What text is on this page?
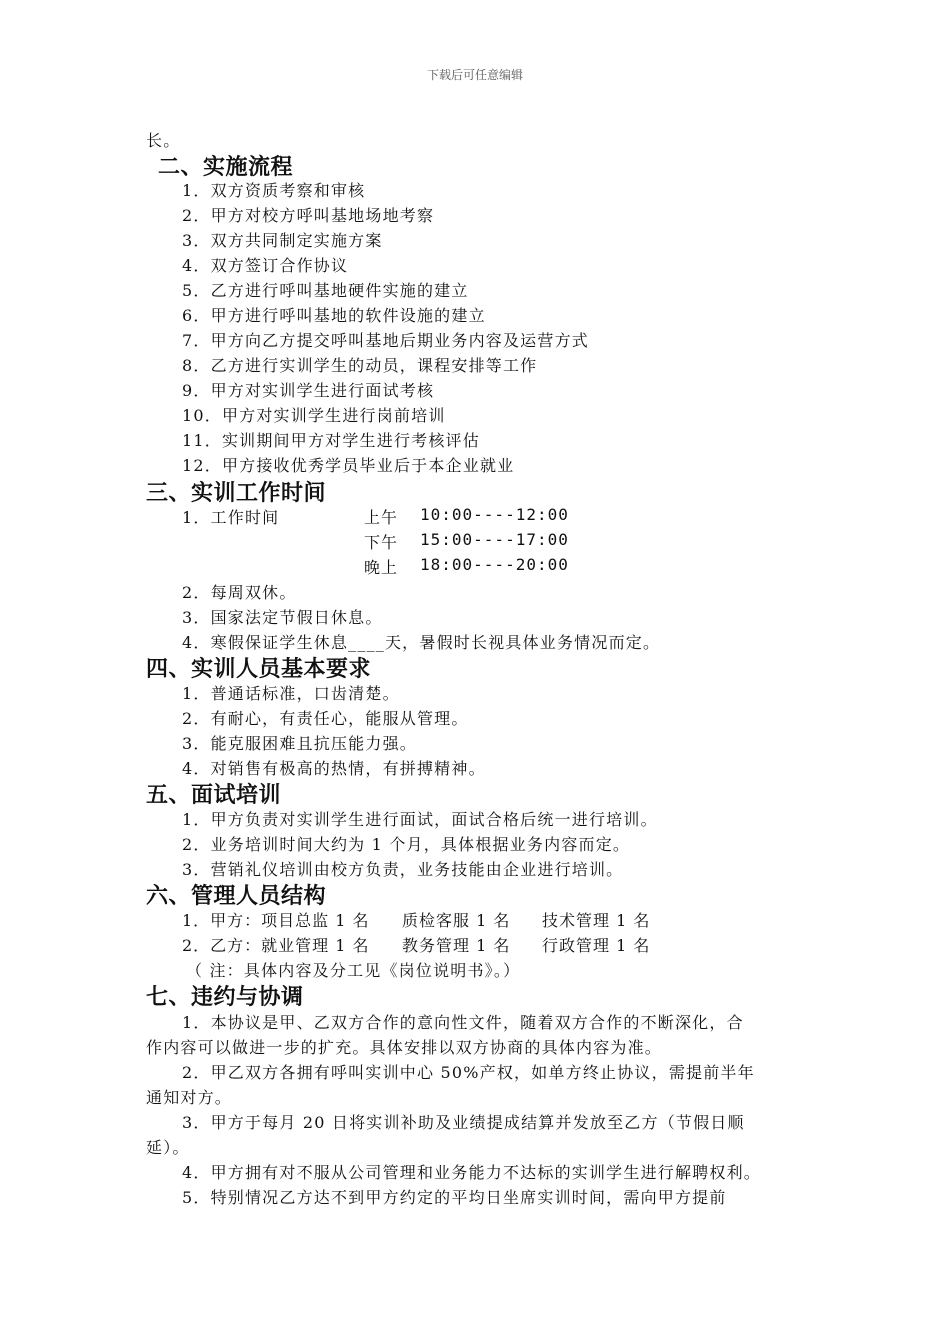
下载后可任意编辑
长。
二、实施流程
1．双方资质考察和审核
2．甲方对校方呼叫基地场地考察
3．双方共同制定实施方案
4．双方签订合作协议
5．乙方进行呼叫基地硬件实施的建立
6．甲方进行呼叫基地的软件设施的建立
7．甲方向乙方提交呼叫基地后期业务内容及运营方式
8．乙方进行实训学生的动员，课程安排等工作
9．甲方对实训学生进行面试考核
10．甲方对实训学生进行岗前培训
11．实训期间甲方对学生进行考核评估
12．甲方接收优秀学员毕业后于本企业就业
三、实训工作时间
1．工作时间	上午 10:00----12:00
下午 15:00----17:00
晚上 18:00----20:00
2．每周双休。
3．国家法定节假日休息。
4．寒假保证学生休息____天，暑假时长视具体业务情况而定。
四、实训人员基本要求
1．普通话标准，口齿清楚。
2．有耐心，有责任心，能服从管理。
3．能克服困难且抗压能力强。
4．对销售有极高的热情，有拼搏精神。
五、面试培训
1．甲方负责对实训学生进行面试，面试合格后统一进行培训。
2．业务培训时间大约为 1 个月，具体根据业务内容而定。
3．营销礼仪培训由校方负责，业务技能由企业进行培训。
六、管理人员结构
1．甲方：项目总监 1 名 质检客服 1 名 技术管理 1 名
2．乙方：就业管理 1 名 教务管理 1 名 行政管理 1 名
（ 注：具体内容及分工见《岗位说明书》。）
七、违约与协调
1．本协议是甲、乙双方合作的意向性文件，随着双方合作的不断深化，合
作内容可以做进一步的扩充。具体安排以双方协商的具体内容为准。
2．甲乙双方各拥有呼叫实训中心 50%产权，如单方终止协议，需提前半年
通知对方。
3．甲方于每月 20 日将实训补助及业绩提成结算并发放至乙方（节假日顺
延）。
4．甲方拥有对不服从公司管理和业务能力不达标的实训学生进行解聘权利。
5．特别情况乙方达不到甲方约定的平均日坐席实训时间，需向甲方提前
